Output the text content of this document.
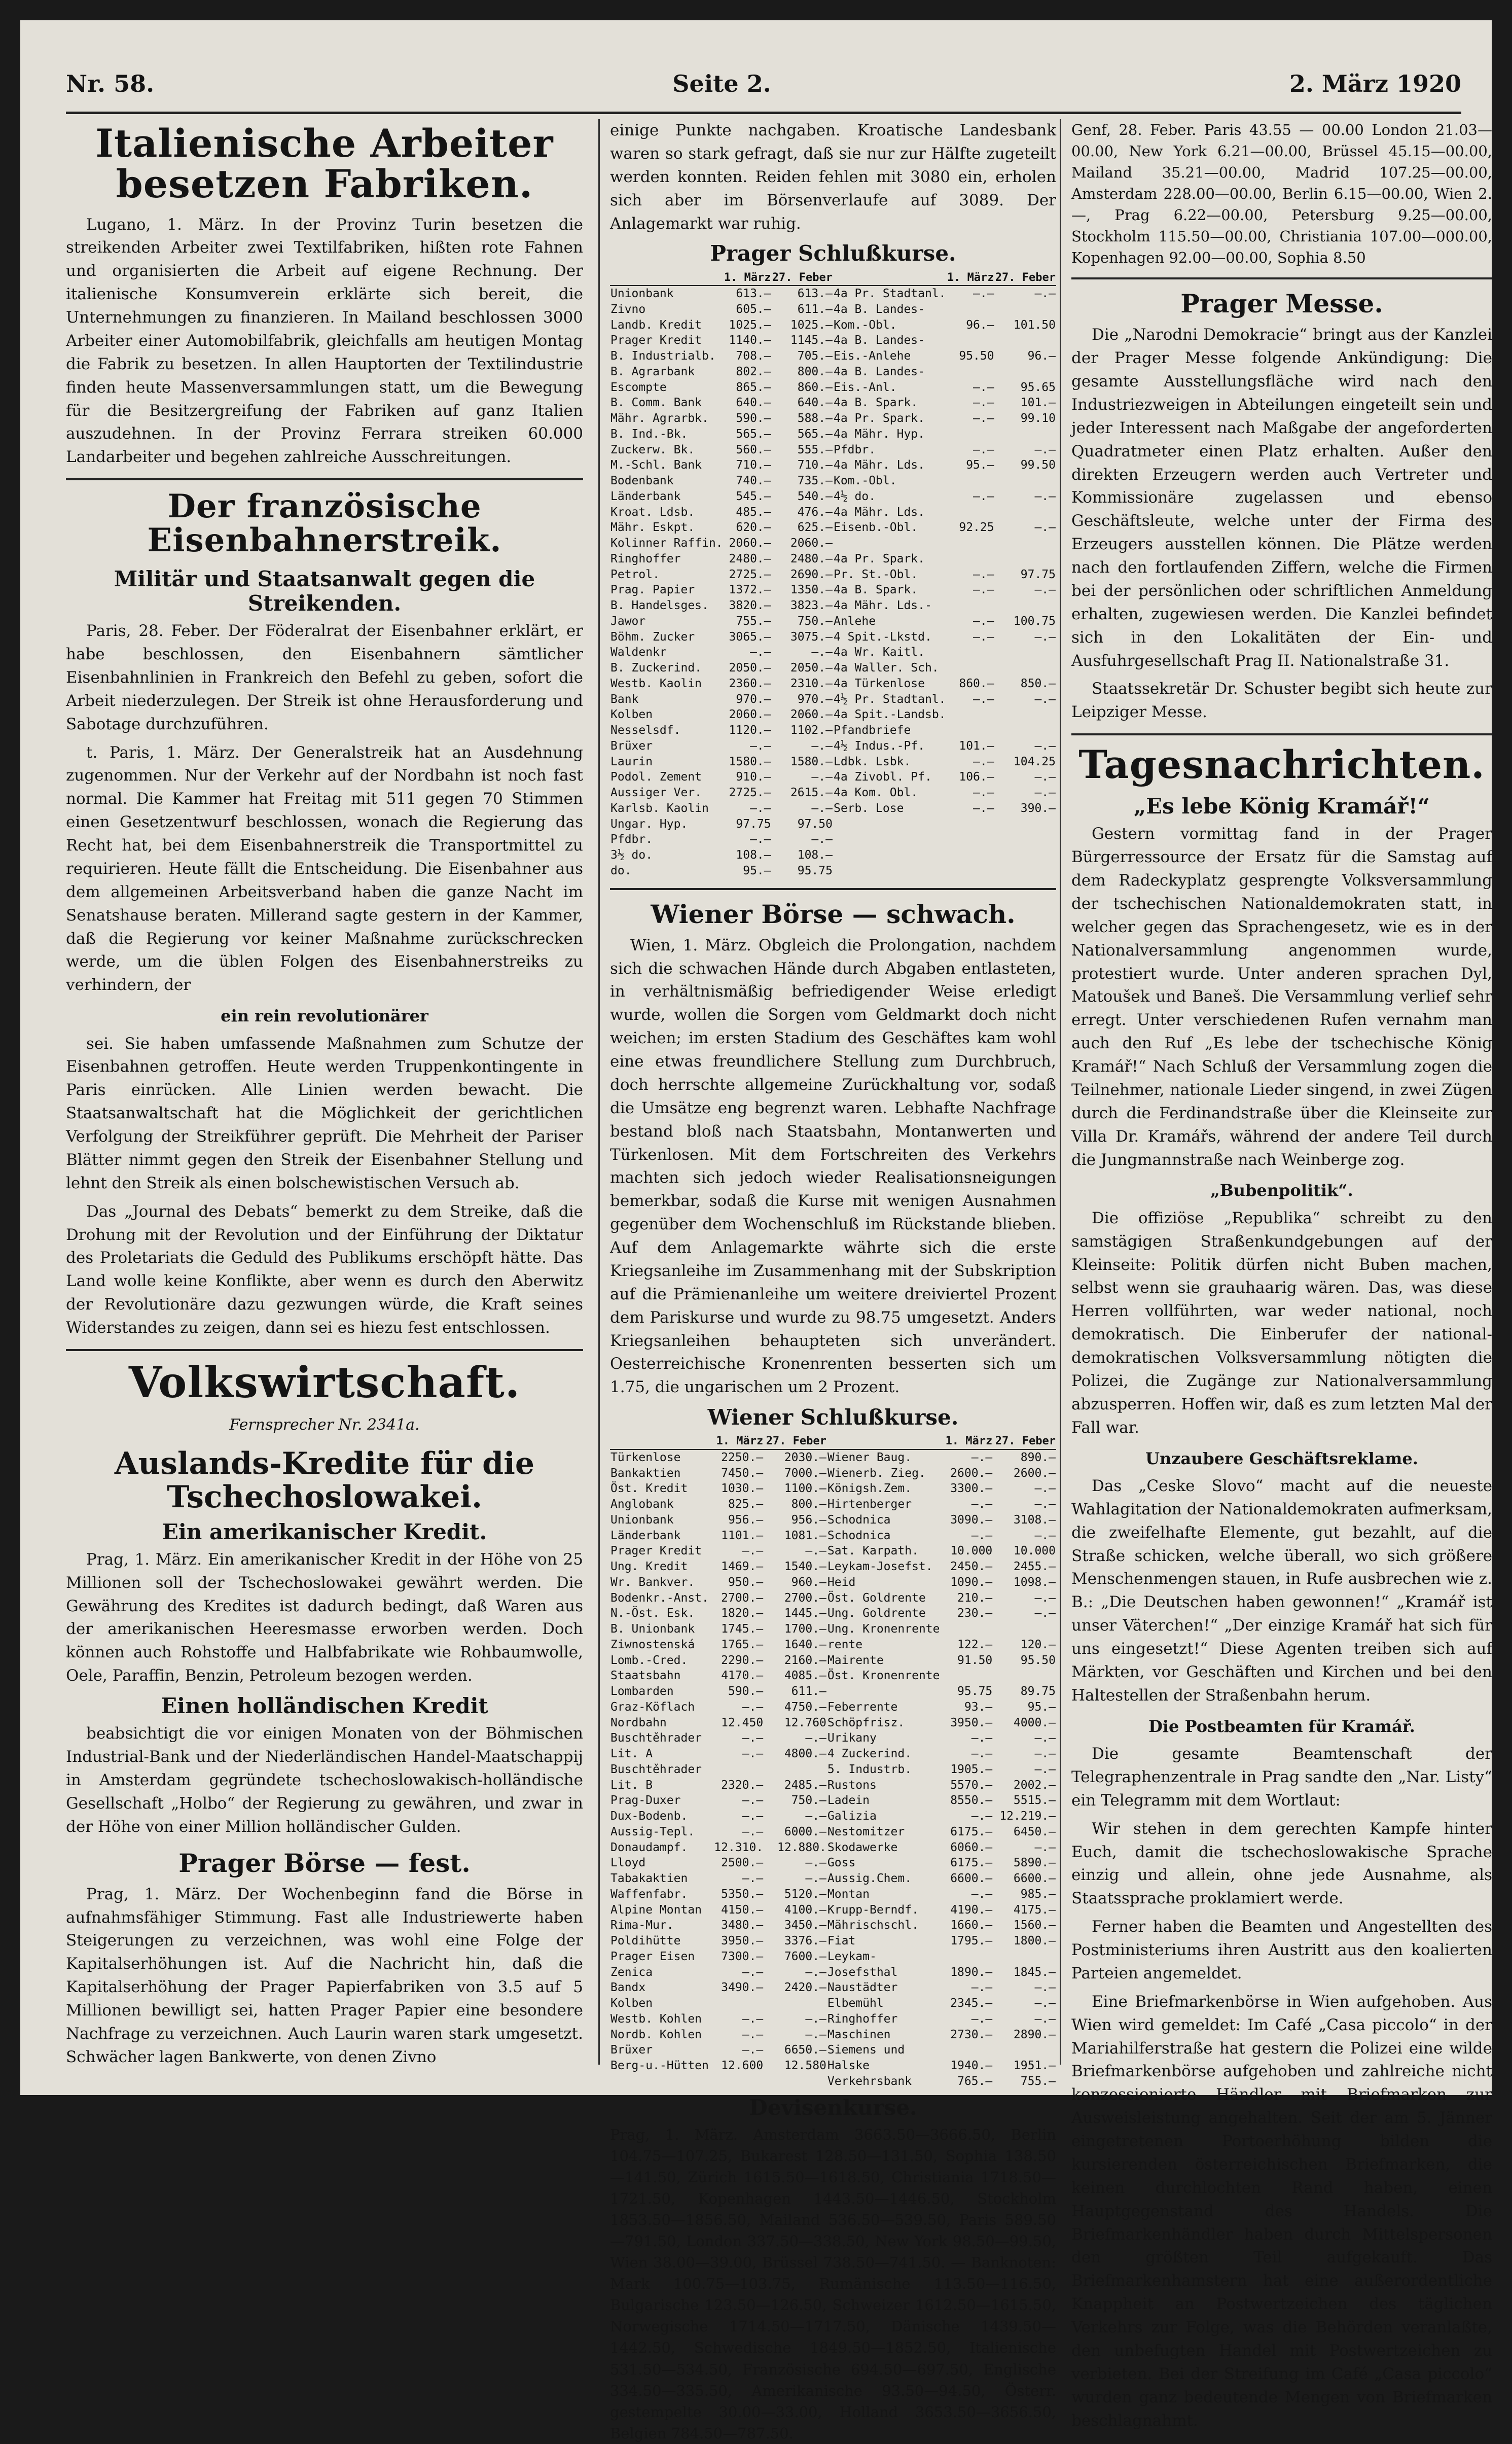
Nr. 58.	Seite 2.	2. März 1920
Italienische Arbeiter besetzen Fabriken.

Lugano, 1. März. In der Provinz Turin besetzen die streikenden Arbeiter zwei Textilfabriken, hißten rote Fahnen und organisierten die Arbeit auf eigene Rechnung. Der italienische Konsumverein erklärte sich bereit, die Unternehmungen zu finanzieren. In Mailand beschlossen 3000 Arbeiter einer Automobilfabrik, gleichfalls am heutigen Montag die Fabrik zu besetzen. In allen Hauptorten der Textilindustrie finden heute Massenversammlungen statt, um die Bewegung für die Besitzergreifung der Fabriken auf ganz Italien auszudehnen. In der Provinz Ferrara streiken 60.000 Landarbeiter und begehen zahlreiche Ausschreitungen.

Der französische Eisenbahnerstreik.
Militär und Staatsanwalt gegen die Streikenden.

Paris, 28. Feber. Der Föderalrat der Eisenbahner erklärt, er habe beschlossen, den Eisenbahnern sämtlicher Eisenbahnlinien in Frankreich den Befehl zu geben, sofort die Arbeit niederzulegen. Der Streik ist ohne Herausforderung und Sabotage durchzuführen.

t. Paris, 1. März. Der Generalstreik hat an Ausdehnung zugenommen. Nur der Verkehr auf der Nordbahn ist noch fast normal. Die Kammer hat Freitag mit 511 gegen 70 Stimmen einen Gesetzentwurf beschlossen, wonach die Regierung das Recht hat, bei dem Eisenbahnerstreik die Transportmittel zu requirieren. Heute fällt die Entscheidung. Die Eisenbahner aus dem allgemeinen Arbeitsverband haben die ganze Nacht im Senatshause beraten. Millerand sagte gestern in der Kammer, daß die Regierung vor keiner Maßnahme zurückschrecken werde, um die üblen Folgen des Eisenbahnerstreiks zu verhindern, der

ein rein revolutionärer

sei. Sie haben umfassende Maßnahmen zum Schutze der Eisenbahnen getroffen. Heute werden Truppenkontingente in Paris einrücken. Alle Linien werden bewacht. Die Staatsanwaltschaft hat die Möglichkeit der gerichtlichen Verfolgung der Streikführer geprüft. Die Mehrheit der Pariser Blätter nimmt gegen den Streik der Eisenbahner Stellung und lehnt den Streik als einen bolschewistischen Versuch ab.

Das „Journal des Debats“ bemerkt zu dem Streike, daß die Drohung mit der Revolution und der Einführung der Diktatur des Proletariats die Geduld des Publikums erschöpft hätte. Das Land wolle keine Konflikte, aber wenn es durch den Aberwitz der Revolutionäre dazu gezwungen würde, die Kraft seines Widerstandes zu zeigen, dann sei es hiezu fest entschlossen.

Volkswirtschaft.
Fernsprecher Nr. 2341a.
Auslands-Kredite für die Tschechoslowakei.
Ein amerikanischer Kredit.

Prag, 1. März. Ein amerikanischer Kredit in der Höhe von 25 Millionen soll der Tschechoslowakei gewährt werden. Die Gewährung des Kredites ist dadurch bedingt, daß Waren aus der amerikanischen Heeresmasse erworben werden. Doch können auch Rohstoffe und Halbfabrikate wie Rohbaumwolle, Oele, Paraffin, Benzin, Petroleum bezogen werden.

Einen holländischen Kredit

beabsichtigt die vor einigen Monaten von der Böhmischen Industrial-Bank und der Niederländischen Handel-Maatschappij in Amsterdam gegründete tschechoslowakisch-holländische Gesellschaft „Holbo“ der Regierung zu gewähren, und zwar in der Höhe von einer Million holländischer Gulden.

Prager Börse — fest.

Prag, 1. März. Der Wochenbeginn fand die Börse in aufnahmsfähiger Stimmung. Fast alle Industriewerte haben Steigerungen zu verzeichnen, was wohl eine Folge der Kapitalserhöhungen ist. Auf die Nachricht hin, daß die Kapitalserhöhung der Prager Papierfabriken von 3.5 auf 5 Millionen bewilligt sei, hatten Prager Papier eine besondere Nachfrage zu verzeichnen. Auch Laurin waren stark umgesetzt. Schwächer lagen Bankwerte, von denen Zivno

einige Punkte nachgaben. Kroatische Landesbank waren so stark gefragt, daß sie nur zur Hälfte zugeteilt werden konnten. Reiden fehlen mit 3080 ein, erholen sich aber im Börsenverlaufe auf 3089. Der Anlagemarkt war ruhig.

Prager Schlußkurse.
	1. März	27. Feber		1. März	27. Feber
Unionbank	613.—	613.—	4a Pr. Stadtanl.	—.—	—.—
Zivno	605.—	611.—	4a B. Landes-		
Landb. Kredit	1025.—	1025.—	Kom.-Obl.	96.—	101.50
Prager Kredit	1140.—	1145.—	4a B. Landes-		
B. Industrialb.	708.—	705.—	Eis.-Anlehe	95.50	96.—
B. Agrarbank	802.—	800.—	4a B. Landes-		
Escompte	865.—	860.—	Eis.-Anl.	—.—	95.65
B. Comm. Bank	640.—	640.—	4a B. Spark.	—.—	101.—
Mähr. Agrarbk.	590.—	588.—	4a Pr. Spark.	—.—	99.10
B. Ind.-Bk.	565.—	565.—	4a Mähr. Hyp.		
Zuckerw. Bk.	560.—	555.—	Pfdbr.	—.—	—.—
M.-Schl. Bank	710.—	710.—	4a Mähr. Lds.	95.—	99.50
Bodenbank	740.—	735.—	Kom.-Obl.		
Länderbank	545.—	540.—	4½ do.	—.—	—.—
Kroat. Ldsb.	485.—	476.—	4a Mähr. Lds.		
Mähr. Eskpt.	620.—	625.—	Eisenb.-Obl.	92.25	—.—
Kolinner Raffin.	2060.—	2060.—			
Ringhoffer	2480.—	2480.—	4a Pr. Spark.		
Petrol.	2725.—	2690.—	Pr. St.-Obl.	—.—	97.75
Prag. Papier	1372.—	1350.—	4a B. Spark.	—.—	—.—
B. Handelsges.	3820.—	3823.—	4a Mähr. Lds.-		
Jawor	755.—	750.—	Anlehe	—.—	100.75
Böhm. Zucker	3065.—	3075.—	4 Spit.-Lkstd.	—.—	—.—
Waldenkr	—.—	—.—	4a Wr. Kaitl.		
B. Zuckerind.	2050.—	2050.—	4a Waller. Sch.		
Westb. Kaolin	2360.—	2310.—	4a Türkenlose	860.—	850.—
Bank	970.—	970.—	4½ Pr. Stadtanl.	—.—	—.—
Kolben	2060.—	2060.—	4a Spit.-Landsb.		
Nesselsdf.	1120.—	1102.—	Pfandbriefe		
Brüxer	—.—	—.—	4½ Indus.-Pf.	101.—	—.—
Laurin	1580.—	1580.—	Ldbk. Lsbk.	—.—	104.25
Podol. Zement	910.—	—.—	4a Zivobl. Pf.	106.—	—.—
Aussiger Ver.	2725.—	2615.—	4a Kom. Obl.	—.—	—.—
Karlsb. Kaolin	—.—	—.—	Serb. Lose	—.—	390.—
Ungar. Hyp.	97.75	97.50			
Pfdbr.	—.—	—.—			
3½ do.	108.—	108.—			
do.	95.—	95.75			
Wiener Börse — schwach.

Wien, 1. März. Obgleich die Prolongation, nachdem sich die schwachen Hände durch Abgaben entlasteten, in verhältnismäßig befriedigender Weise erledigt wurde, wollen die Sorgen vom Geldmarkt doch nicht weichen; im ersten Stadium des Geschäftes kam wohl eine etwas freundlichere Stellung zum Durchbruch, doch herrschte allgemeine Zurückhaltung vor, sodaß die Umsätze eng begrenzt waren. Lebhafte Nachfrage bestand bloß nach Staatsbahn, Montanwerten und Türkenlosen. Mit dem Fortschreiten des Verkehrs machten sich jedoch wieder Realisationsneigungen bemerkbar, sodaß die Kurse mit wenigen Ausnahmen gegenüber dem Wochenschluß im Rückstande blieben. Auf dem Anlagemarkte währte sich die erste Kriegsanleihe im Zusammenhang mit der Subskription auf die Prämienanleihe um weitere dreiviertel Prozent dem Pariskurse und wurde zu 98.75 umgesetzt. Anders Kriegsanleihen behaupteten sich unverändert. Oesterreichische Kronenrenten besserten sich um 1.75, die ungarischen um 2 Prozent.

Wiener Schlußkurse.
	1. März	27. Feber		1. März	27. Feber
Türkenlose	2250.—	2030.—	Wiener Baug.	—.—	890.—
Bankaktien	7450.—	7000.—	Wienerb. Zieg.	2600.—	2600.—
Öst. Kredit	1030.—	1100.—	Königsh.Zem.	3300.—	—.—
Anglobank	825.—	800.—	Hirtenberger	—.—	—.—
Unionbank	956.—	956.—	Schodnica	3090.—	3108.—
Länderbank	1101.—	1081.—	Schodnica	—.—	—.—
Prager Kredit	—.—	—.—	Sat. Karpath.	10.000	10.000
Ung. Kredit	1469.—	1540.—	Leykam-Josefst.	2450.—	2455.—
Wr. Bankver.	950.—	960.—	Heid	1090.—	1098.—
Bodenkr.-Anst.	2700.—	2700.—	Öst. Goldrente	210.—	—.—
N.-Öst. Esk.	1820.—	1445.—	Ung. Goldrente	230.—	—.—
B. Unionbank	1745.—	1700.—	Ung. Kronenrente		
Ziwnostenská	1765.—	1640.—	rente	122.—	120.—
Lomb.-Cred.	2290.—	2160.—	Mairente	91.50	95.50
Staatsbahn	4170.—	4085.—	Öst. Kronenrente		
Lombarden	590.—	611.—		95.75	89.75
Graz-Köflach	—.—	4750.—	Feberrente	93.—	95.—
Nordbahn	12.450	12.760	Schöpfrisz.	3950.—	4000.—
Buschtěhrader	—.—	—.—	Urikany	—.—	—.—
Lit. A	—.—	4800.—	4 Zuckerind.	—.—	—.—
Buschtěhrader			5. Industrb.	1905.—	—.—
Lit. B	2320.—	2485.—	Rustons	5570.—	2002.—
Prag-Duxer	—.—	750.—	Ladein	8550.—	5515.—
Dux-Bodenb.	—.—	—.—	Galizia	—.—	12.219.—
Aussig-Tepl.	—.—	6000.—	Nestomitzer	6175.—	6450.—
Donaudampf.	12.310.	12.880.	Skodawerke	6060.—	—.—
Lloyd	2500.—	—.—	Goss	6175.—	5890.—
Tabakaktien	—.—	—.—	Aussig.Chem.	6600.—	6600.—
Waffenfabr.	5350.—	5120.—	Montan	—.—	985.—
Alpine Montan	4150.—	4100.—	Krupp-Berndf.	4190.—	4175.—
Rima-Mur.	3480.—	3450.—	Mährischschl.	1660.—	1560.—
Poldihütte	3950.—	3376.—	Fiat	1795.—	1800.—
Prager Eisen	7300.—	7600.—	Leykam-		
Zenica	—.—	—.—	Josefsthal	1890.—	1845.—
Bandx	3490.—	2420.—	Naustädter	—.—	—.—
Kolben			Elbemühl	2345.—	—.—
Westb. Kohlen	—.—	—.—	Ringhoffer	—.—	—.—
Nordb. Kohlen	—.—	—.—	Maschinen	2730.—	2890.—
Brüxer	—.—	6650.—	Siemens und		
Berg-u.-Hütten	12.600	12.580	Halske	1940.—	1951.—
			Verkehrsbank	765.—	755.—
Devisenkurse.
Prag, 1. März. Amsterdam 3663.50—3666.50, Berlin 104.75—107.25, Bukarest 128.50—131.50, Sophia 138.50—141.50, Zürich 1615.50—1618.50, Christiania 1718.50—1721.50, Kopenhagen 1443.50—1446.50, Stockholm 1853.50—1856.50, Mailand 536.50—539.50, Paris 589.50—791.50, London 337.50—338.50, New York 98.50—99.50, Wien 38.00—39.00, Brüssel 738.50—741.50. — Banknoten: Mark 100.75—103.75, Rumänische 113.50—116.50, Bulgarische 123.50—126.50, Schweizer 1612.50—1615.50, Norwegische 1714.50—1717.50, Dänische 1439.50—1442.50, Schwedische 1849.50—1852.50, Italienische 531.50—534.50, Französische 694.50—697.50, Englische 334.50—335.50, Amerikanische 93.50—94.50, Österr. gestempelte 30.00—33.00, Holland 3653.50—3656.50, Belgien 784.50—787.50.
Genf, 28. Feber. Paris 43.55 — 00.00 London 21.03—00.00, New York 6.21—00.00, Brüssel 45.15—00.00, Mailand 35.21—00.00, Madrid 107.25—00.00, Amsterdam 228.00—00.00, Berlin 6.15—00.00, Wien 2.—, Prag 6.22—00.00, Petersburg 9.25—00.00, Stockholm 115.50—00.00, Christiania 107.00—000.00, Kopenhagen 92.00—00.00, Sophia 8.50
Prager Messe.

Die „Narodni Demokracie“ bringt aus der Kanzlei der Prager Messe folgende Ankündigung: Die gesamte Ausstellungsfläche wird nach den Industriezweigen in Abteilungen eingeteilt sein und jeder Interessent nach Maßgabe der angeforderten Quadratmeter einen Platz erhalten. Außer den direkten Erzeugern werden auch Vertreter und Kommissionäre zugelassen und ebenso Geschäftsleute, welche unter der Firma des Erzeugers ausstellen können. Die Plätze werden nach den fortlaufenden Ziffern, welche die Firmen bei der persönlichen oder schriftlichen Anmeldung erhalten, zugewiesen werden. Die Kanzlei befindet sich in den Lokalitäten der Ein- und Ausfuhrgesellschaft Prag II. Nationalstraße 31.

Staatssekretär Dr. Schuster begibt sich heute zur Leipziger Messe.

Tagesnachrichten.
„Es lebe König Kramář!“

Gestern vormittag fand in der Prager Bürgerressource der Ersatz für die Samstag auf dem Radeckyplatz gesprengte Volksversammlung der tschechischen Nationaldemokraten statt, in welcher gegen das Sprachengesetz, wie es in der Nationalversammlung angenommen wurde, protestiert wurde. Unter anderen sprachen Dyl, Matoušek und Baneš. Die Versammlung verlief sehr erregt. Unter verschiedenen Rufen vernahm man auch den Ruf „Es lebe der tschechische König Kramář!“ Nach Schluß der Versammlung zogen die Teilnehmer, nationale Lieder singend, in zwei Zügen durch die Ferdinandstraße über die Kleinseite zur Villa Dr. Kramářs, während der andere Teil durch die Jungmannstraße nach Weinberge zog.

„Bubenpolitik“.

Die offiziöse „Republika“ schreibt zu den samstägigen Straßenkundgebungen auf der Kleinseite: Politik dürfen nicht Buben machen, selbst wenn sie grauhaarig wären. Das, was diese Herren vollführten, war weder national, noch demokratisch. Die Einberufer der national-demokratischen Volksversammlung nötigten die Polizei, die Zugänge zur Nationalversammlung abzusperren. Hoffen wir, daß es zum letzten Mal der Fall war.

Unzaubere Geschäftsreklame.

Das „Ceske Slovo“ macht auf die neueste Wahlagitation der Nationaldemokraten aufmerksam, die zweifelhafte Elemente, gut bezahlt, auf die Straße schicken, welche überall, wo sich größere Menschenmengen stauen, in Rufe ausbrechen wie z. B.: „Die Deutschen haben gewonnen!“ „Kramář ist unser Väterchen!“ „Der einzige Kramář hat sich für uns eingesetzt!“ Diese Agenten treiben sich auf Märkten, vor Geschäften und Kirchen und bei den Haltestellen der Straßenbahn herum.

Die Postbeamten für Kramář.

Die gesamte Beamtenschaft der Telegraphenzentrale in Prag sandte den „Nar. Listy“ ein Telegramm mit dem Wortlaut:

Wir stehen in dem gerechten Kampfe hinter Euch, damit die tschechoslowakische Sprache einzig und allein, ohne jede Ausnahme, als Staatssprache proklamiert werde.

Ferner haben die Beamten und Angestellten des Postministeriums ihren Austritt aus den koalierten Parteien angemeldet.

Eine Briefmarkenbörse in Wien aufgehoben. Aus Wien wird gemeldet: Im Café „Casa piccolo“ in der Mariahilferstraße hat gestern die Polizei eine wilde Briefmarkenbörse aufgehoben und zahlreiche nicht konzessionierte Händler mit Briefmarken zur Ausweisleistung angehalten. Seit der am 5. Jänner eingetretenen Portoerhöhung bilden die kursierenden österreichischen Briefmarken, die keinen durchlochten Rand haben, einen Hauptgegenstand des Handels. Die Briefmarkenhändler haben durch Mittelspersonen den größten Teil aufgekauft. Das Briefmarkenhamstern hat eine außerordentliche Knappheit an Postwertzeichen des täglichen Verkehrs zur Folge, was die Behörden veranlaßte, den unbefugten Handel mit Postwertzeichen zu verbieten. Bei der Streifung im Café „Casa piccolo“ wurden ganz bedeutende Mengen von Briefmarken beschlagnahmt.
